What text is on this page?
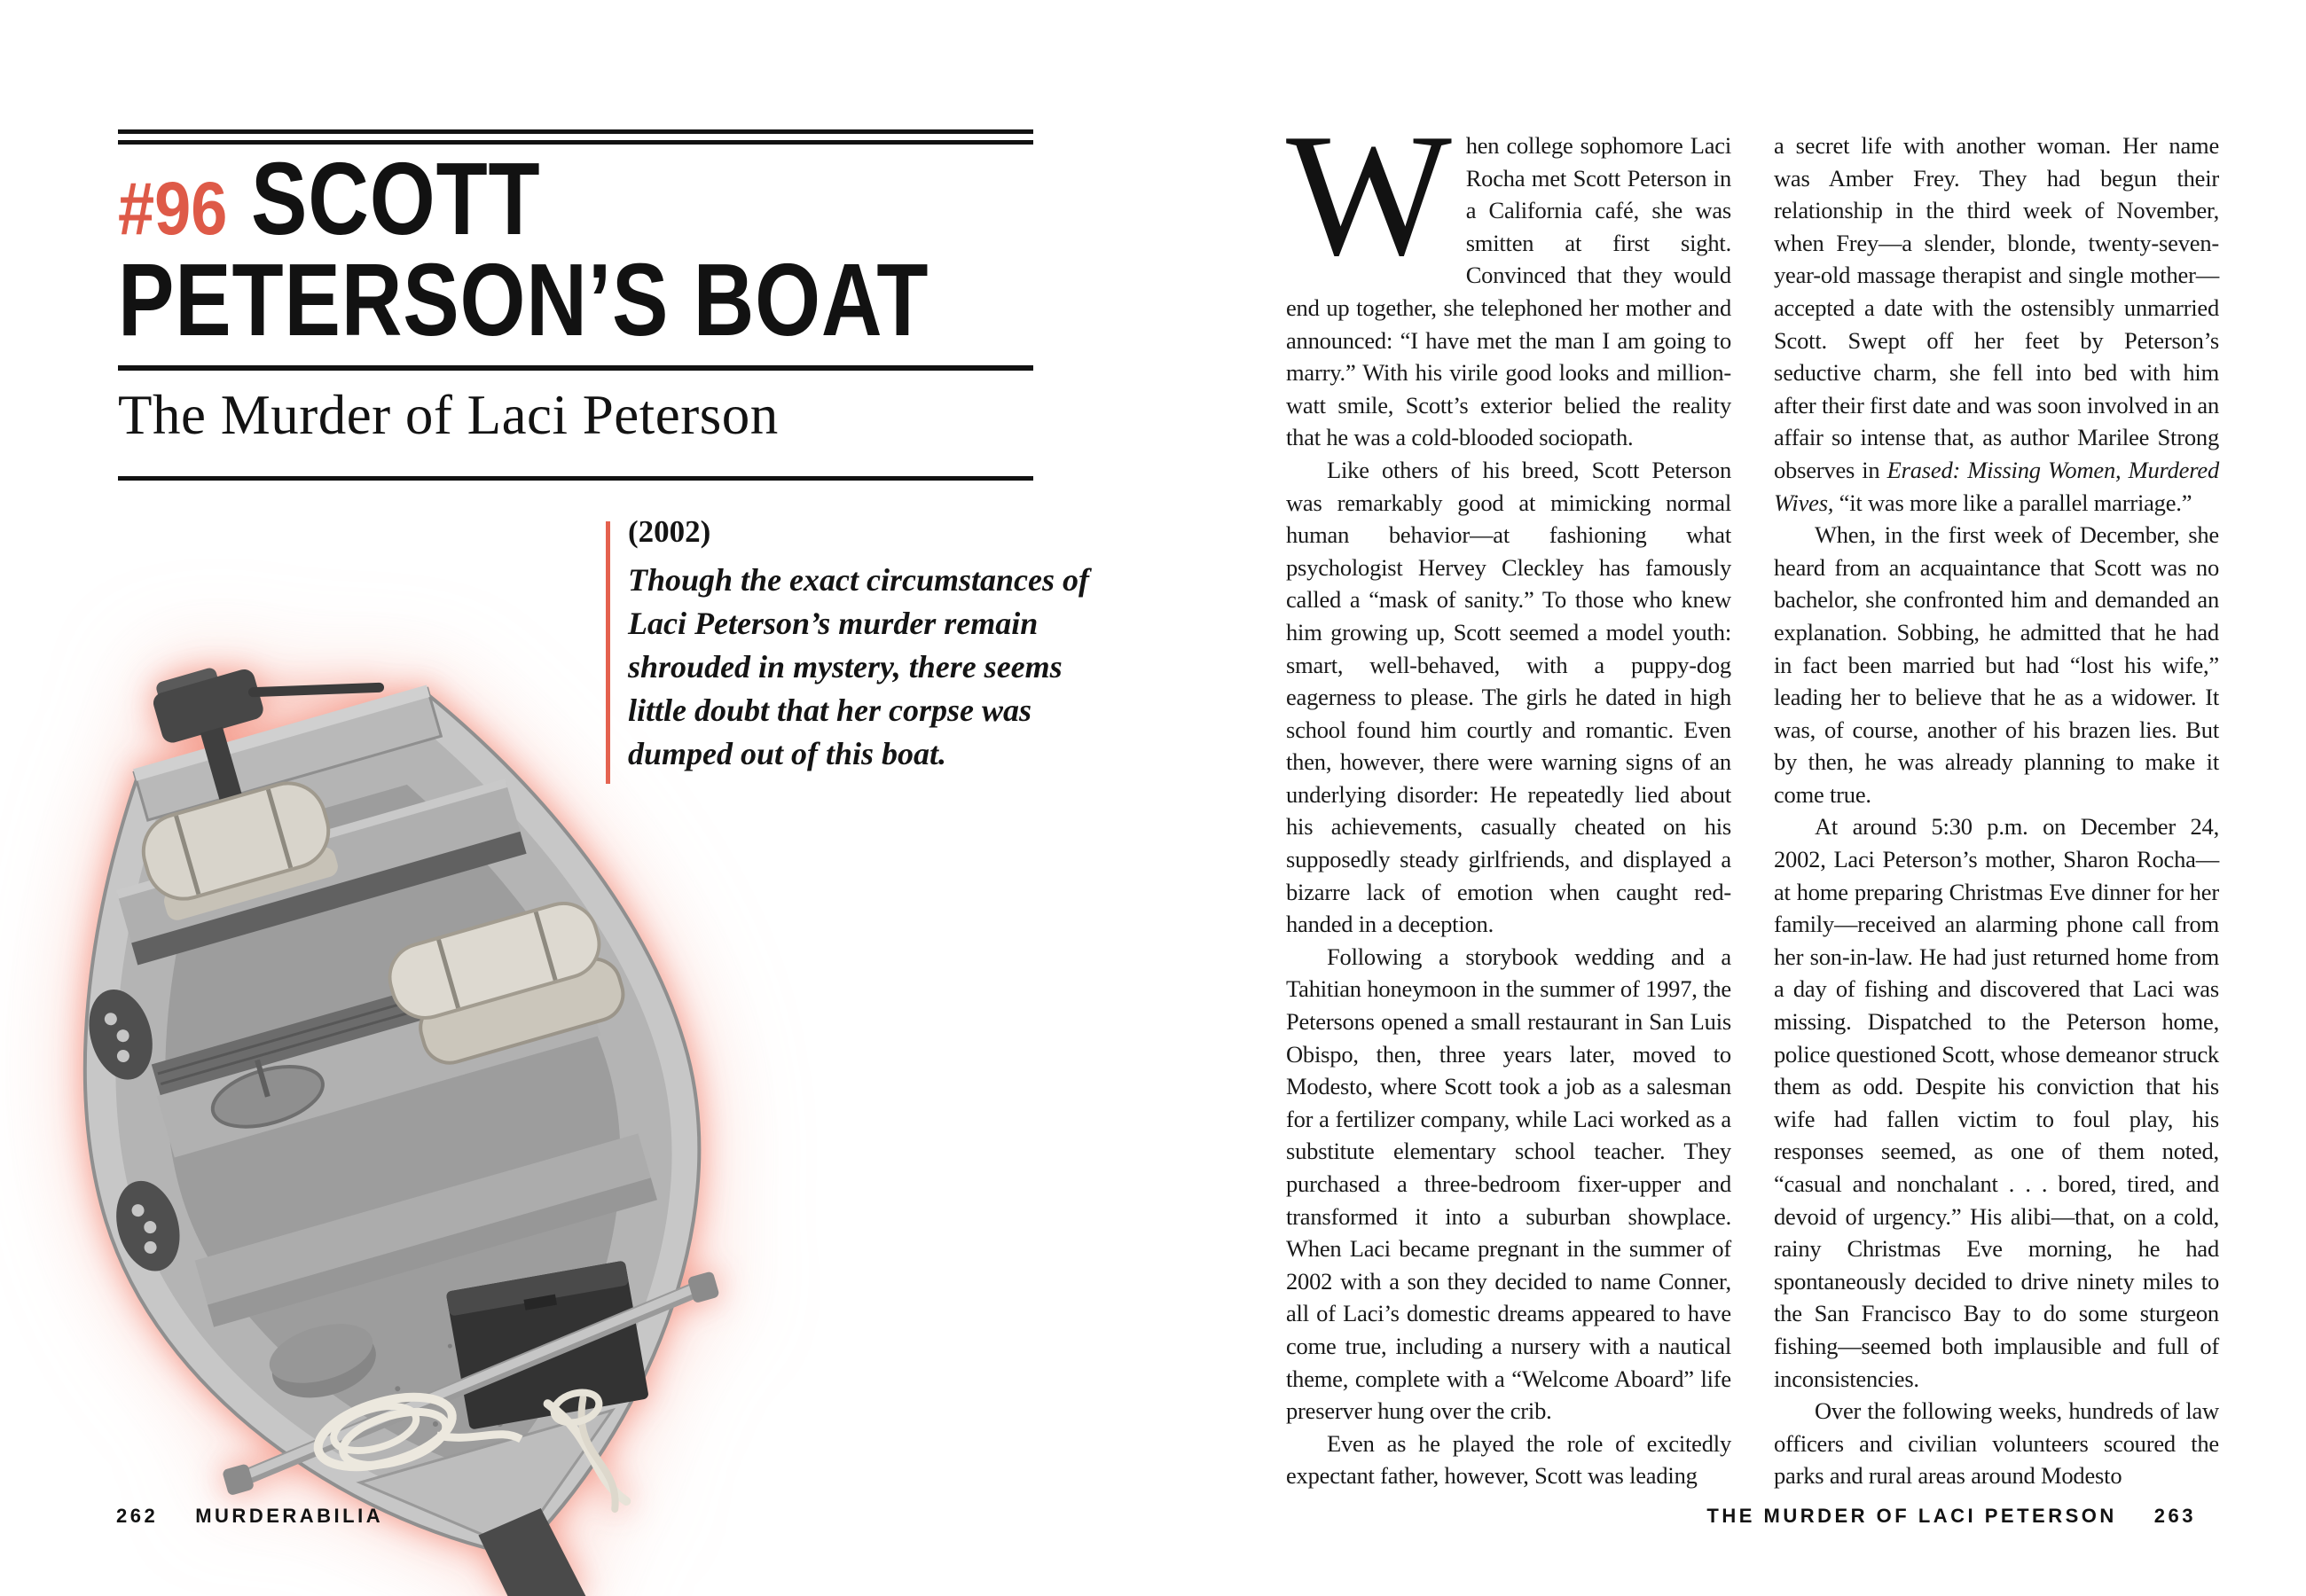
#96 SCOTT
PETERSON’S BOAT
The Murder of Laci Peterson
(2002)
Though the exact circumstances of Laci Peterson’s murder remain shrouded in mystery, there seems little doubt that her corpse was dumped out of this boat.
262 MURDERABILIA

When college sophomore Laci Rocha met Scott Peterson in a California café, she was smitten at first sight. Convinced that they would end up together, she telephoned her mother and announced: “I have met the man I am going to marry.” With his virile good looks and million-watt smile, Scott’s exterior belied the reality that he was a cold-blooded sociopath.

Like others of his breed, Scott Peterson was remarkably good at mimicking normal human behavior—at fashioning what psychologist Hervey Cleckley has famously called a “mask of sanity.” To those who knew him growing up, Scott seemed a model youth: smart, well-behaved, with a puppy-dog eagerness to please. The girls he dated in high school found him courtly and romantic. Even then, however, there were warning signs of an underlying disorder: He repeatedly lied about his achievements, casually cheated on his supposedly steady girlfriends, and displayed a bizarre lack of emotion when caught red-handed in a deception.

Following a storybook wedding and a Tahitian honeymoon in the summer of 1997, the Petersons opened a small restaurant in San Luis Obispo, then, three years later, moved to Modesto, where Scott took a job as a salesman for a fertilizer company, while Laci worked as a substitute elementary school teacher. They purchased a three-bedroom fixer-upper and transformed it into a suburban showplace. When Laci became pregnant in the summer of 2002 with a son they decided to name Conner, all of Laci’s domestic dreams appeared to have come true, including a nursery with a nautical theme, complete with a “Welcome Aboard” life preserver hung over the crib.

Even as he played the role of excitedly expectant father, however, Scott was leading

a secret life with another woman. Her name was Amber Frey. They had begun their relationship in the third week of November, when Frey—a slender, blonde, twenty-seven-year-old massage therapist and single mother—accepted a date with the ostensibly unmarried Scott. Swept off her feet by Peterson’s seductive charm, she fell into bed with him after their first date and was soon involved in an affair so intense that, as author Marilee Strong observes in Erased: Missing Women, Murdered Wives, “it was more like a parallel marriage.”

When, in the first week of December, she heard from an acquaintance that Scott was no bachelor, she confronted him and demanded an explanation. Sobbing, he admitted that he had in fact been married but had “lost his wife,” leading her to believe that he as a widower. It was, of course, another of his brazen lies. But by then, he was already planning to make it come true.

At around 5:30 p.m. on December 24, 2002, Laci Peterson’s mother, Sharon Rocha—at home preparing Christmas Eve dinner for her family—received an alarming phone call from her son-in-law. He had just returned home from a day of fishing and discovered that Laci was missing. Dispatched to the Peterson home, police questioned Scott, whose demeanor struck them as odd. Despite his conviction that his wife had fallen victim to foul play, his responses seemed, as one of them noted, “casual and nonchalant . . . bored, tired, and devoid of urgency.” His alibi—that, on a cold, rainy Christmas Eve morning, he had spontaneously decided to drive ninety miles to the San Francisco Bay to do some sturgeon fishing—seemed both implausible and full of inconsistencies.

Over the following weeks, hundreds of law officers and civilian volunteers scoured the parks and rural areas around Modesto

THE MURDER OF LACI PETERSON 263
